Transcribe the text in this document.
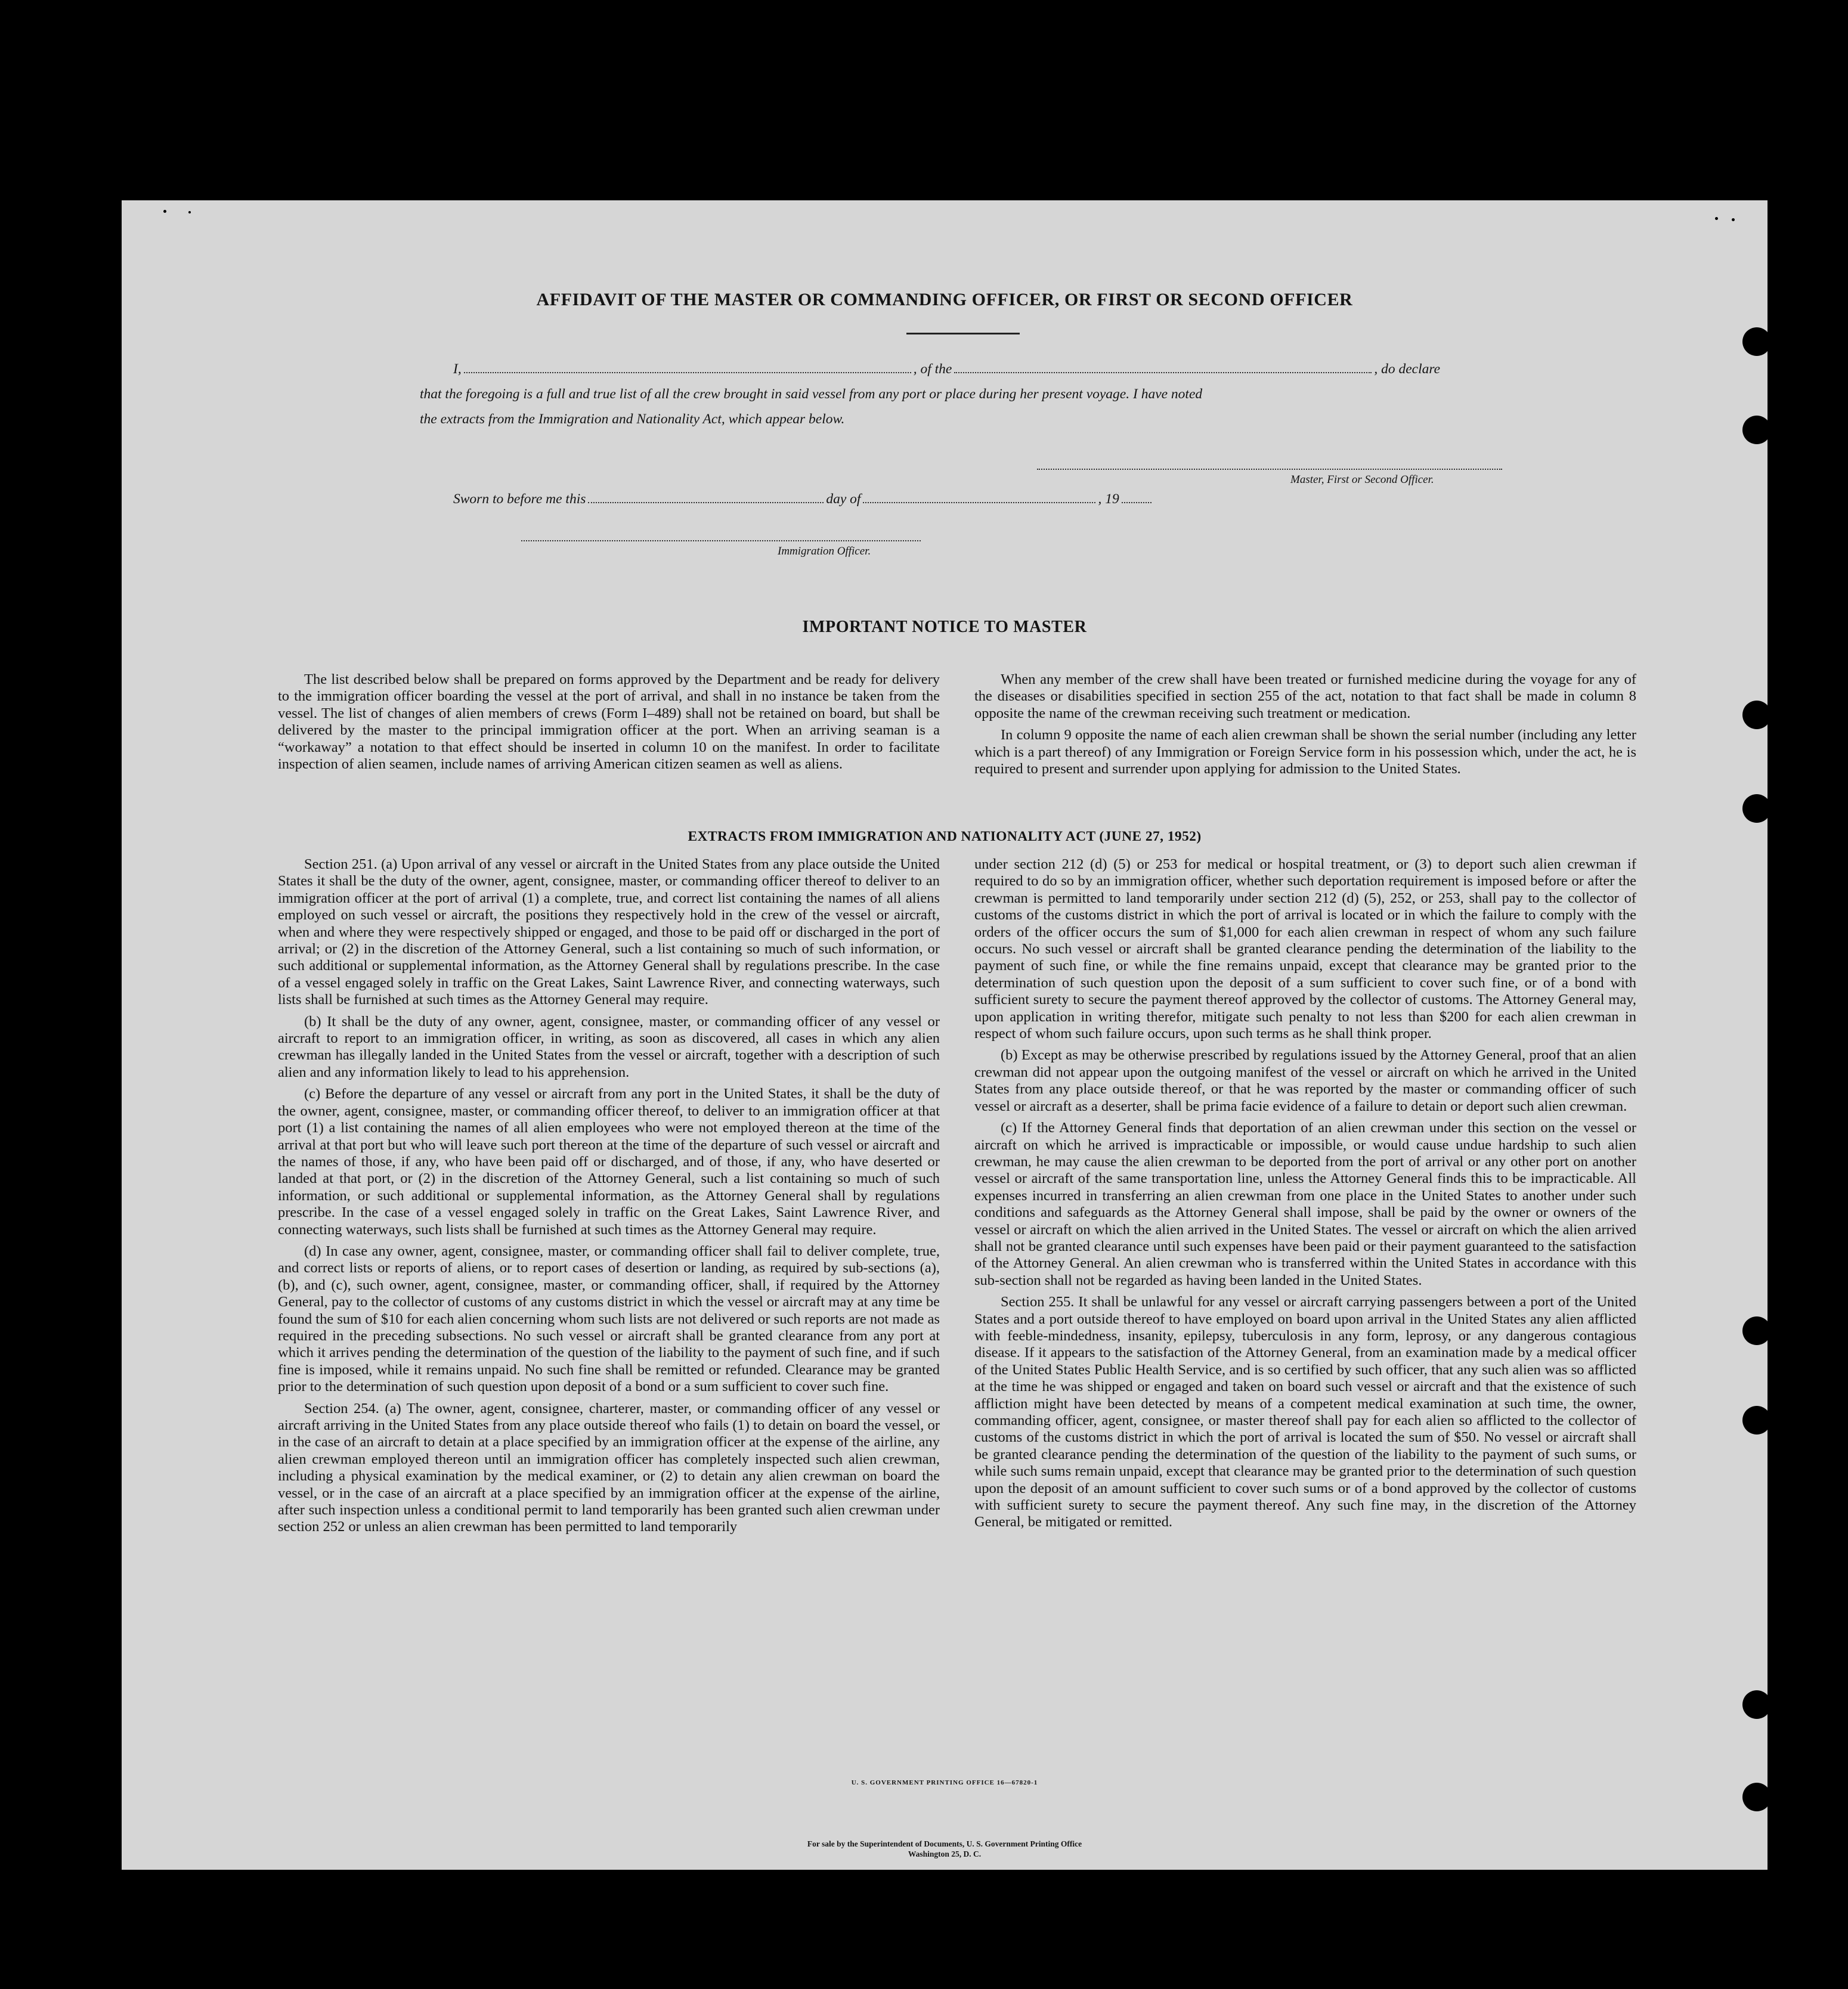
AFFIDAVIT OF THE MASTER OR COMMANDING OFFICER, OR FIRST OR SECOND OFFICER
I,	, of the	, do declare
that the foregoing is a full and true list of all the crew brought in said vessel from any port or place during her present voyage. I have noted
the extracts from the Immigration and Nationality Act, which appear below.
Master, First or Second Officer.
Sworn to before me this	day of	, 19
Immigration Officer.
IMPORTANT NOTICE TO MASTER

The list described below shall be prepared on forms approved by the Department and be ready for delivery to the immigration officer boarding the vessel at the port of arrival, and shall in no instance be taken from the vessel. The list of changes of alien members of crews (Form I–489) shall not be retained on board, but shall be delivered by the master to the principal immigration officer at the port. When an arriving seaman is a “workaway” a notation to that effect should be inserted in column 10 on the manifest. In order to facilitate inspection of alien seamen, include names of arriving American citizen seamen as well as aliens.

When any member of the crew shall have been treated or furnished medicine during the voyage for any of the diseases or disabilities specified in section 255 of the act, notation to that fact shall be made in column 8 opposite the name of the crewman receiving such treatment or medication.

In column 9 opposite the name of each alien crewman shall be shown the serial number (including any letter which is a part thereof) of any Immigration or Foreign Service form in his possession which, under the act, he is required to present and surrender upon applying for admission to the United States.

EXTRACTS FROM IMMIGRATION AND NATIONALITY ACT (JUNE 27, 1952)

Section 251. (a) Upon arrival of any vessel or aircraft in the United States from any place outside the United States it shall be the duty of the owner, agent, consignee, master, or commanding officer thereof to deliver to an immigration officer at the port of arrival (1) a complete, true, and correct list containing the names of all aliens employed on such vessel or aircraft, the positions they respectively hold in the crew of the vessel or aircraft, when and where they were respectively shipped or engaged, and those to be paid off or discharged in the port of arrival; or (2) in the discretion of the Attorney General, such a list containing so much of such information, or such additional or supplemental information, as the Attorney General shall by regulations prescribe. In the case of a vessel engaged solely in traffic on the Great Lakes, Saint Lawrence River, and connecting waterways, such lists shall be furnished at such times as the Attorney General may require.

(b) It shall be the duty of any owner, agent, consignee, master, or commanding officer of any vessel or aircraft to report to an immigration officer, in writing, as soon as discovered, all cases in which any alien crewman has illegally landed in the United States from the vessel or aircraft, together with a description of such alien and any information likely to lead to his apprehension.

(c) Before the departure of any vessel or aircraft from any port in the United States, it shall be the duty of the owner, agent, consignee, master, or commanding officer thereof, to deliver to an immigration officer at that port (1) a list containing the names of all alien employees who were not employed thereon at the time of the arrival at that port but who will leave such port thereon at the time of the departure of such vessel or aircraft and the names of those, if any, who have been paid off or discharged, and of those, if any, who have deserted or landed at that port, or (2) in the discretion of the Attorney General, such a list containing so much of such information, or such additional or supplemental information, as the Attorney General shall by regulations prescribe. In the case of a vessel engaged solely in traffic on the Great Lakes, Saint Lawrence River, and connecting waterways, such lists shall be furnished at such times as the Attorney General may require.

(d) In case any owner, agent, consignee, master, or commanding officer shall fail to deliver complete, true, and correct lists or reports of aliens, or to report cases of desertion or landing, as required by sub-sections (a), (b), and (c), such owner, agent, consignee, master, or commanding officer, shall, if required by the Attorney General, pay to the collector of customs of any customs district in which the vessel or aircraft may at any time be found the sum of $10 for each alien concerning whom such lists are not delivered or such reports are not made as required in the preceding subsections. No such vessel or aircraft shall be granted clearance from any port at which it arrives pending the determination of the question of the liability to the payment of such fine, and if such fine is imposed, while it remains unpaid. No such fine shall be remitted or refunded. Clearance may be granted prior to the determination of such question upon deposit of a bond or a sum sufficient to cover such fine.

Section 254. (a) The owner, agent, consignee, charterer, master, or commanding officer of any vessel or aircraft arriving in the United States from any place outside thereof who fails (1) to detain on board the vessel, or in the case of an aircraft to detain at a place specified by an immigration officer at the expense of the airline, any alien crewman employed thereon until an immigration officer has completely inspected such alien crewman, including a physical examination by the medical examiner, or (2) to detain any alien crewman on board the vessel, or in the case of an aircraft at a place specified by an immigration officer at the expense of the airline, after such inspection unless a conditional permit to land temporarily has been granted such alien crewman under section 252 or unless an alien crewman has been permitted to land temporarily

under section 212 (d) (5) or 253 for medical or hospital treatment, or (3) to deport such alien crewman if required to do so by an immigration officer, whether such deportation requirement is imposed before or after the crewman is permitted to land temporarily under section 212 (d) (5), 252, or 253, shall pay to the collector of customs of the customs district in which the port of arrival is located or in which the failure to comply with the orders of the officer occurs the sum of $1,000 for each alien crewman in respect of whom any such failure occurs. No such vessel or aircraft shall be granted clearance pending the determination of the liability to the payment of such fine, or while the fine remains unpaid, except that clearance may be granted prior to the determination of such question upon the deposit of a sum sufficient to cover such fine, or of a bond with sufficient surety to secure the payment thereof approved by the collector of customs. The Attorney General may, upon application in writing therefor, mitigate such penalty to not less than $200 for each alien crewman in respect of whom such failure occurs, upon such terms as he shall think proper.

(b) Except as may be otherwise prescribed by regulations issued by the Attorney General, proof that an alien crewman did not appear upon the outgoing manifest of the vessel or aircraft on which he arrived in the United States from any place outside thereof, or that he was reported by the master or commanding officer of such vessel or aircraft as a deserter, shall be prima facie evidence of a failure to detain or deport such alien crewman.

(c) If the Attorney General finds that deportation of an alien crewman under this section on the vessel or aircraft on which he arrived is impracticable or impossible, or would cause undue hardship to such alien crewman, he may cause the alien crewman to be deported from the port of arrival or any other port on another vessel or aircraft of the same transportation line, unless the Attorney General finds this to be impracticable. All expenses incurred in transferring an alien crewman from one place in the United States to another under such conditions and safeguards as the Attorney General shall impose, shall be paid by the owner or owners of the vessel or aircraft on which the alien arrived in the United States. The vessel or aircraft on which the alien arrived shall not be granted clearance until such expenses have been paid or their payment guaranteed to the satisfaction of the Attorney General. An alien crewman who is transferred within the United States in accordance with this sub-section shall not be regarded as having been landed in the United States.

Section 255. It shall be unlawful for any vessel or aircraft carrying passengers between a port of the United States and a port outside thereof to have employed on board upon arrival in the United States any alien afflicted with feeble-mindedness, insanity, epilepsy, tuberculosis in any form, leprosy, or any dangerous contagious disease. If it appears to the satisfaction of the Attorney General, from an examination made by a medical officer of the United States Public Health Service, and is so certified by such officer, that any such alien was so afflicted at the time he was shipped or engaged and taken on board such vessel or aircraft and that the existence of such affliction might have been detected by means of a competent medical examination at such time, the owner, commanding officer, agent, consignee, or master thereof shall pay for each alien so afflicted to the collector of customs of the customs district in which the port of arrival is located the sum of $50. No vessel or aircraft shall be granted clearance pending the determination of the question of the liability to the payment of such sums, or while such sums remain unpaid, except that clearance may be granted prior to the determination of such question upon the deposit of an amount sufficient to cover such sums or of a bond approved by the collector of customs with sufficient surety to secure the payment thereof. Any such fine may, in the discretion of the Attorney General, be mitigated or remitted.

U. S. GOVERNMENT PRINTING OFFICE 16—67820-1
For sale by the Superintendent of Documents, U. S. Government Printing Office
Washington 25, D. C.
